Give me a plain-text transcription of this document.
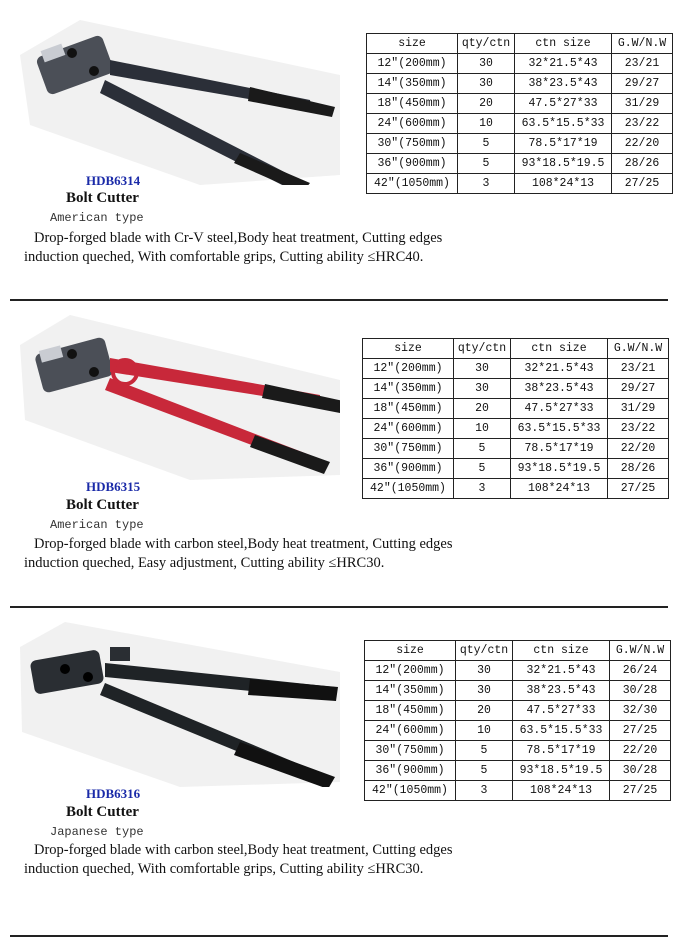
HDB6314
Bolt Cutter
American type
Drop-forged blade with Cr-V steel,Body heat treatment, Cutting edges
induction queched, With comfortable grips, Cutting ability ≤HRC40.
size	qty/ctn	ctn size	G.W/N.W
12″(200mm)	30	32*21.5*43	23/21
14″(350mm)	30	38*23.5*43	29/27
18″(450mm)	20	47.5*27*33	31/29
24″(600mm)	10	63.5*15.5*33	23/22
30″(750mm)	5	78.5*17*19	22/20
36″(900mm)	5	93*18.5*19.5	28/26
42″(1050mm)	3	108*24*13	27/25
HDB6315
Bolt Cutter
American type
Drop-forged blade with carbon steel,Body heat treatment, Cutting edges
induction queched, Easy adjustment, Cutting ability ≤HRC30.
size	qty/ctn	ctn size	G.W/N.W
12″(200mm)	30	32*21.5*43	23/21
14″(350mm)	30	38*23.5*43	29/27
18″(450mm)	20	47.5*27*33	31/29
24″(600mm)	10	63.5*15.5*33	23/22
30″(750mm)	5	78.5*17*19	22/20
36″(900mm)	5	93*18.5*19.5	28/26
42″(1050mm)	3	108*24*13	27/25
HDB6316
Bolt Cutter
Japanese type
Drop-forged blade with carbon steel,Body heat treatment, Cutting edges
induction queched, With comfortable grips, Cutting ability ≤HRC30.
size	qty/ctn	ctn size	G.W/N.W
12″(200mm)	30	32*21.5*43	26/24
14″(350mm)	30	38*23.5*43	30/28
18″(450mm)	20	47.5*27*33	32/30
24″(600mm)	10	63.5*15.5*33	27/25
30″(750mm)	5	78.5*17*19	22/20
36″(900mm)	5	93*18.5*19.5	30/28
42″(1050mm)	3	108*24*13	27/25
